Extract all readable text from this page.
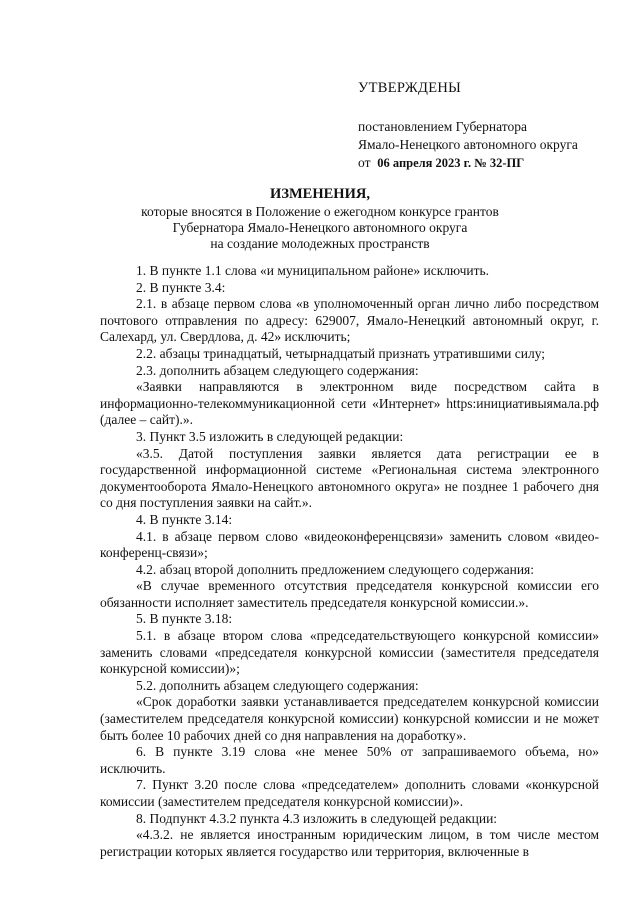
УТВЕРЖДЕНЫ
постановлением Губернатора
Ямало-Ненецкого автономного округа
от 06 апреля 2023 г. № 32-ПГ
ИЗМЕНЕНИЯ,
которые вносятся в Положение о ежегодном конкурсе грантов
Губернатора Ямало-Ненецкого автономного округа
на создание молодежных пространств

1. В пункте 1.1 слова «и муниципальном районе» исключить.

2. В пункте 3.4:

2.1. в абзаце первом слова «в уполномоченный орган лично либо посредством почтового отправления по адресу: 629007, Ямало-Ненецкий автономный округ, г. Салехард, ул. Свердлова, д. 42» исключить;

2.2. абзацы тринадцатый, четырнадцатый признать утратившими силу;

2.3. дополнить абзацем следующего содержания:

«Заявки направляются в электронном виде посредством сайта в информационно-телекоммуникационной сети «Интернет» https:инициативыямала.рф (далее – сайт).».

3. Пункт 3.5 изложить в следующей редакции:

«3.5. Датой поступления заявки является дата регистрации ее в государственной информационной системе «Региональная система электронного документооборота Ямало-Ненецкого автономного округа» не позднее 1 рабочего дня со дня поступления заявки на сайт.».

4. В пункте 3.14:

4.1. в абзаце первом слово «видеоконференцсвязи» заменить словом «видео-конференц-связи»;

4.2. абзац второй дополнить предложением следующего содержания:

«В случае временного отсутствия председателя конкурсной комиссии его обязанности исполняет заместитель председателя конкурсной комиссии.».

5. В пункте 3.18:

5.1. в абзаце втором слова «председательствующего конкурсной комиссии» заменить словами «председателя конкурсной комиссии (заместителя председателя конкурсной комиссии)»;

5.2. дополнить абзацем следующего содержания:

«Срок доработки заявки устанавливается председателем конкурсной комиссии (заместителем председателя конкурсной комиссии) конкурсной комиссии и не может быть более 10 рабочих дней со дня направления на доработку».

6. В пункте 3.19 слова «не менее 50% от запрашиваемого объема, но» исключить.

7. Пункт 3.20 после слова «председателем» дополнить словами «конкурсной комиссии (заместителем председателя конкурсной комиссии)».

8. Подпункт 4.3.2 пункта 4.3 изложить в следующей редакции:

«4.3.2. не является иностранным юридическим лицом, в том числе местом регистрации которых является государство или территория, включенные в
